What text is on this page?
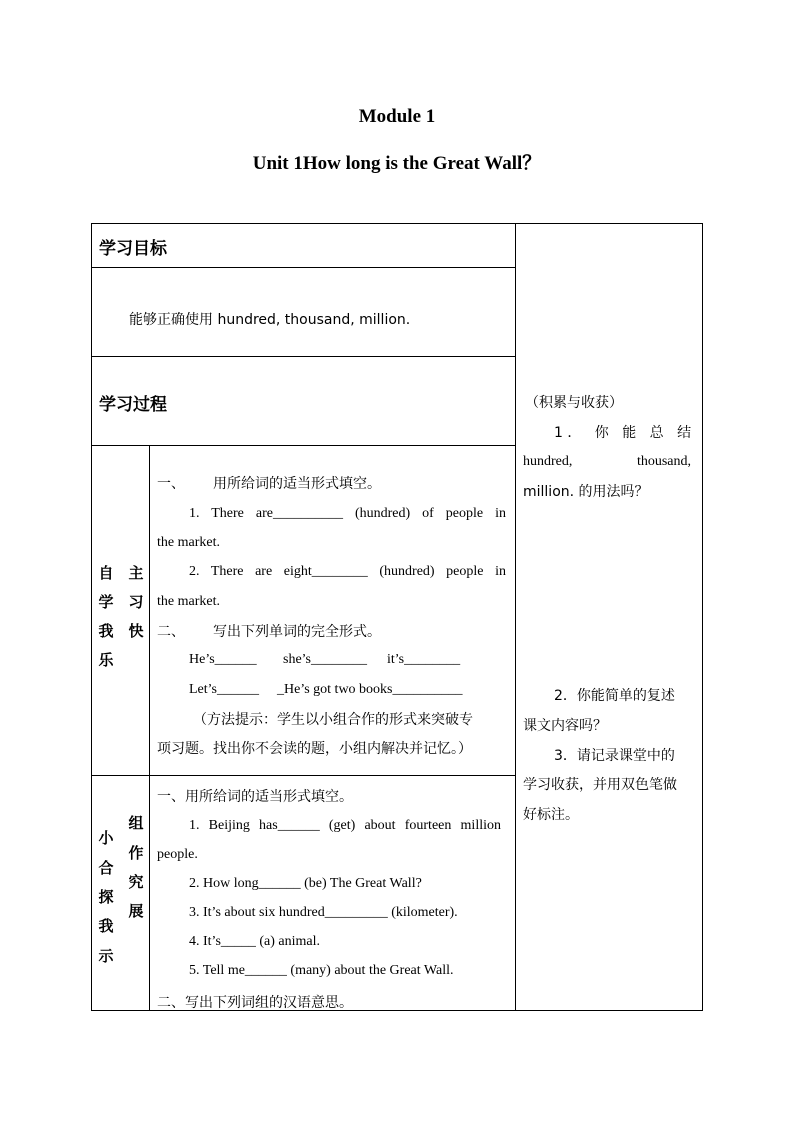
Module 1
Unit 1How long is the Great Wall？
学习目标
能够正确使用 hundred, thousand, million.
学习过程
自
学
我
乐
主
习
快
一、 用所给词的适当形式填空。
1. There are__________ (hundred) of people in
the market.
2. There are eight________ (hundred) people in
the market.
二、 写出下列单词的完全形式。
He’s______ she’s________ it’s________
Let’s______ _He’s got two books__________
（方法提示：学生以小组合作的形式来突破专
项习题。找出你不会读的题，小组内解决并记忆。）
小
合
探
我
示
组
作
究
展
一、用所给词的适当形式填空。
1. Beijing has______ (get) about fourteen million
people.
2. How long______ (be) The Great Wall?
3. It’s about six hundred_________ (kilometer).
4. It’s_____ (a) animal.
5. Tell me______ (many) about the Great Wall.
二、写出下列词组的汉语意思。
（积累与收获）
1． 你 能 总 结
hundred,	thousand,
million. 的用法吗？
2．你能简单的复述
课文内容吗？
3．请记录课堂中的
学习收获，并用双色笔做
好标注。
